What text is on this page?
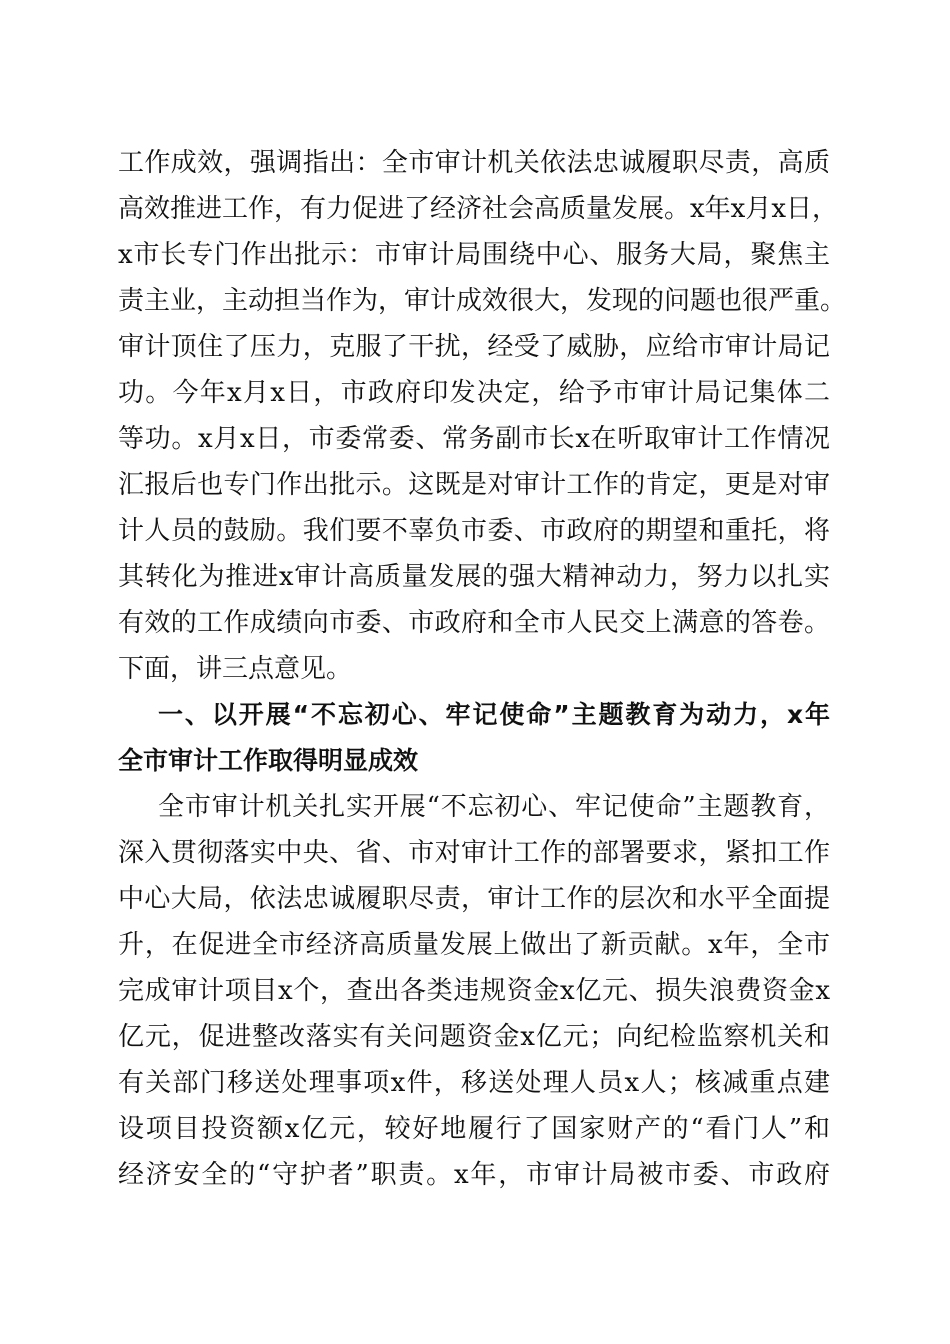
工作成效，强调指出：全市审计机关依法忠诚履职尽责，高质
高效推进工作，有力促进了经济社会高质量发展。x年x月x日，
x市长专门作出批示：市审计局围绕中心、服务大局，聚焦主
责主业，主动担当作为，审计成效很大，发现的问题也很严重。
审计顶住了压力，克服了干扰，经受了威胁，应给市审计局记
功。今年x月x日，市政府印发决定，给予市审计局记集体二
等功。x月x日，市委常委、常务副市长x在听取审计工作情况
汇报后也专门作出批示。这既是对审计工作的肯定，更是对审
计人员的鼓励。我们要不辜负市委、市政府的期望和重托，将
其转化为推进x审计高质量发展的强大精神动力，努力以扎实
有效的工作成绩向市委、市政府和全市人民交上满意的答卷。
下面，讲三点意见。
一、以开展“不忘初心、牢记使命”主题教育为动力，x年
全市审计工作取得明显成效
全市审计机关扎实开展“不忘初心、牢记使命”主题教育，
深入贯彻落实中央、省、市对审计工作的部署要求，紧扣工作
中心大局，依法忠诚履职尽责，审计工作的层次和水平全面提
升，在促进全市经济高质量发展上做出了新贡献。x年，全市
完成审计项目x个，查出各类违规资金x亿元、损失浪费资金x
亿元，促进整改落实有关问题资金x亿元；向纪检监察机关和
有关部门移送处理事项x件，移送处理人员x人；核减重点建
设项目投资额x亿元，较好地履行了国家财产的“看门人”和
经济安全的“守护者”职责。x年，市审计局被市委、市政府
